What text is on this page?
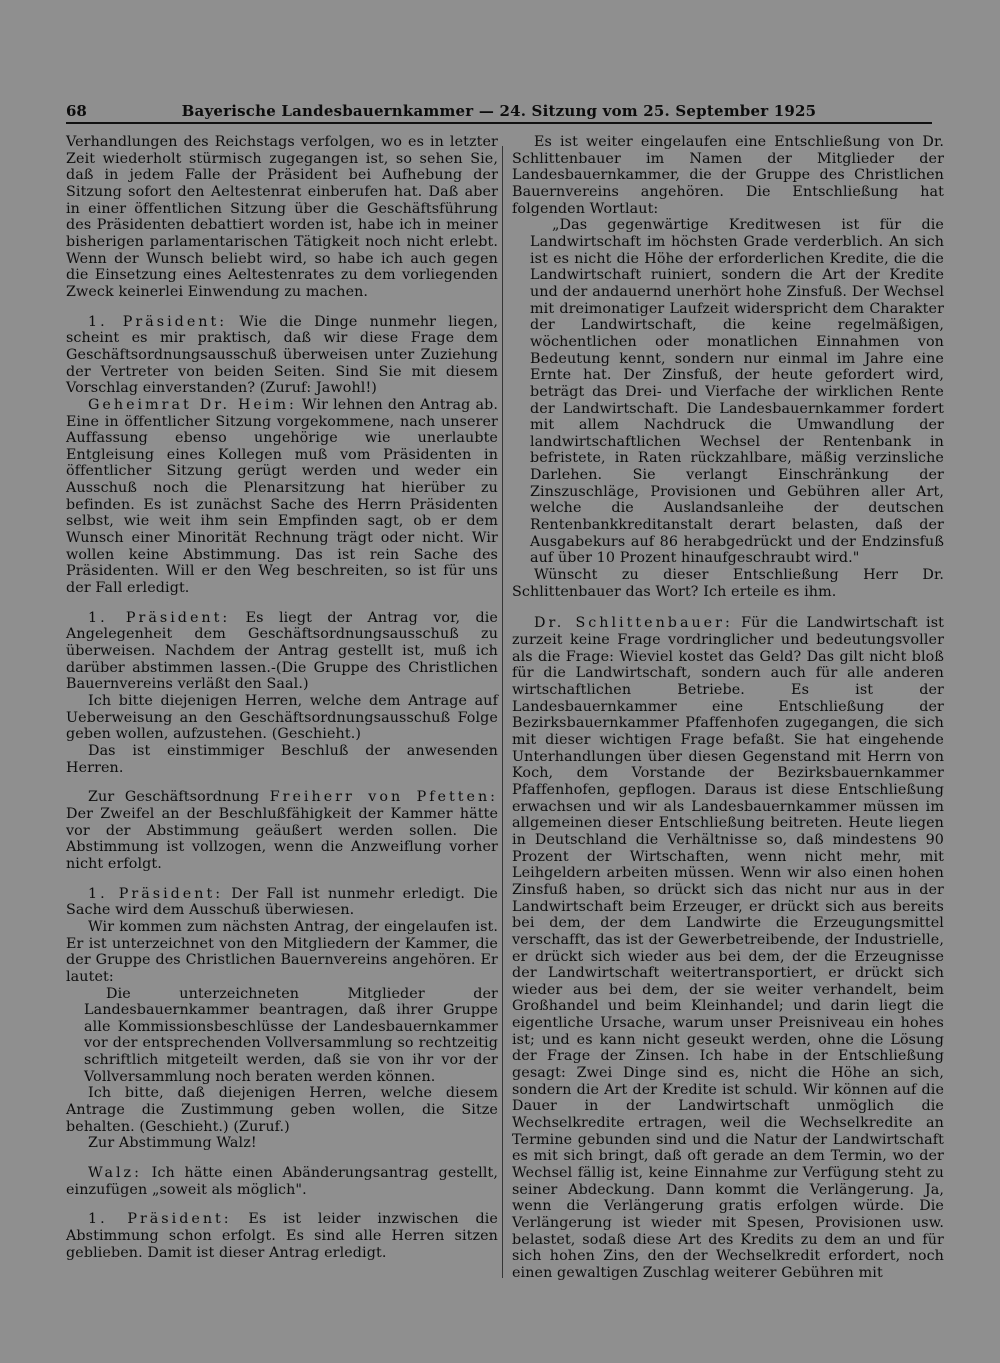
68	Bayerische Landesbauernkammer — 24. Sitzung vom 25. September 1925

Verhandlungen des Reichstags verfolgen, wo es in letzter Zeit wiederholt stürmisch zugegangen ist, so sehen Sie, daß in jedem Falle der Präsident bei Aufhebung der Sitzung sofort den Aeltestenrat einberufen hat. Daß aber in einer öffentlichen Sitzung über die Geschäftsführung des Präsidenten debattiert worden ist, habe ich in meiner bisherigen parlamentarischen Tätigkeit noch nicht erlebt. Wenn der Wunsch beliebt wird, so habe ich auch gegen die Einsetzung eines Aeltestenrates zu dem vorliegenden Zweck keinerlei Einwendung zu machen.

1. Präsident: Wie die Dinge nunmehr liegen, scheint es mir praktisch, daß wir diese Frage dem Geschäftsordnungsausschuß überweisen unter Zuziehung der Vertreter von beiden Seiten. Sind Sie mit diesem Vorschlag einverstanden? (Zuruf: Jawohl!)

Geheimrat Dr. Heim: Wir lehnen den Antrag ab. Eine in öffentlicher Sitzung vorgekommene, nach unserer Auffassung ebenso ungehörige wie unerlaubte Entgleisung eines Kollegen muß vom Präsidenten in öffentlicher Sitzung gerügt werden und weder ein Ausschuß noch die Plenarsitzung hat hierüber zu befinden. Es ist zunächst Sache des Herrn Präsidenten selbst, wie weit ihm sein Empfinden sagt, ob er dem Wunsch einer Minorität Rechnung trägt oder nicht. Wir wollen keine Abstimmung. Das ist rein Sache des Präsidenten. Will er den Weg beschreiten, so ist für uns der Fall erledigt.

1. Präsident: Es liegt der Antrag vor, die Angelegenheit dem Geschäftsordnungsausschuß zu überweisen. Nachdem der Antrag gestellt ist, muß ich darüber abstimmen lassen.-(Die Gruppe des Christlichen Bauernvereins verläßt den Saal.)

Ich bitte diejenigen Herren, welche dem Antrage auf Ueberweisung an den Geschäftsordnungsausschuß Folge geben wollen, aufzustehen. (Geschieht.)

Das ist einstimmiger Beschluß der anwesenden Herren.

Zur Geschäftsordnung Freiherr von Pfetten: Der Zweifel an der Beschlußfähigkeit der Kammer hätte vor der Abstimmung geäußert werden sollen. Die Abstimmung ist vollzogen, wenn die Anzweiflung vorher nicht erfolgt.

1. Präsident: Der Fall ist nunmehr erledigt. Die Sache wird dem Ausschuß überwiesen.

Wir kommen zum nächsten Antrag, der eingelaufen ist. Er ist unterzeichnet von den Mitgliedern der Kammer, die der Gruppe des Christlichen Bauernvereins angehören. Er lautet:

Die unterzeichneten Mitglieder der Landesbauernkammer beantragen, daß ihrer Gruppe alle Kommissionsbeschlüsse der Landesbauernkammer vor der entsprechenden Vollversammlung so rechtzeitig schriftlich mitgeteilt werden, daß sie von ihr vor der Vollversammlung noch beraten werden können.

Ich bitte, daß diejenigen Herren, welche diesem Antrage die Zustimmung geben wollen, die Sitze behalten. (Geschieht.) (Zuruf.)

Zur Abstimmung Walz!

Walz: Ich hätte einen Abänderungsantrag gestellt, einzufügen „soweit als möglich".

1. Präsident: Es ist leider inzwischen die Abstimmung schon erfolgt. Es sind alle Herren sitzen geblieben. Damit ist dieser Antrag erledigt.

Es ist weiter eingelaufen eine Entschließung von Dr. Schlittenbauer im Namen der Mitglieder der Landesbauernkammer, die der Gruppe des Christlichen Bauernvereins angehören. Die Entschließung hat folgenden Wortlaut:

„Das gegenwärtige Kreditwesen ist für die Landwirtschaft im höchsten Grade verderblich. An sich ist es nicht die Höhe der erforderlichen Kredite, die die Landwirtschaft ruiniert, sondern die Art der Kredite und der andauernd unerhört hohe Zinsfuß. Der Wechsel mit dreimonatiger Laufzeit widerspricht dem Charakter der Landwirtschaft, die keine regelmäßigen, wöchentlichen oder monatlichen Einnahmen von Bedeutung kennt, sondern nur einmal im Jahre eine Ernte hat. Der Zinsfuß, der heute gefordert wird, beträgt das Drei- und Vierfache der wirklichen Rente der Landwirtschaft. Die Landesbauernkammer fordert mit allem Nachdruck die Umwandlung der landwirtschaftlichen Wechsel der Rentenbank in befristete, in Raten rückzahlbare, mäßig verzinsliche Darlehen. Sie verlangt Einschränkung der Zinszuschläge, Provisionen und Gebühren aller Art, welche die Auslandsanleihe der deutschen Rentenbankkreditanstalt derart belasten, daß der Ausgabekurs auf 86 herabgedrückt und der Endzinsfuß auf über 10 Prozent hinaufgeschraubt wird."

Wünscht zu dieser Entschließung Herr Dr. Schlittenbauer das Wort? Ich erteile es ihm.

Dr. Schlittenbauer: Für die Landwirtschaft ist zurzeit keine Frage vordringlicher und bedeutungsvoller als die Frage: Wieviel kostet das Geld? Das gilt nicht bloß für die Landwirtschaft, sondern auch für alle anderen wirtschaftlichen Betriebe. Es ist der Landesbauernkammer eine Entschließung der Bezirksbauernkammer Pfaffenhofen zugegangen, die sich mit dieser wichtigen Frage befaßt. Sie hat eingehende Unterhandlungen über diesen Gegenstand mit Herrn von Koch, dem Vorstande der Bezirksbauernkammer Pfaffenhofen, gepflogen. Daraus ist diese Entschließung erwachsen und wir als Landesbauernkammer müssen im allgemeinen dieser Entschließung beitreten. Heute liegen in Deutschland die Verhältnisse so, daß mindestens 90 Prozent der Wirtschaften, wenn nicht mehr, mit Leihgeldern arbeiten müssen. Wenn wir also einen hohen Zinsfuß haben, so drückt sich das nicht nur aus in der Landwirtschaft beim Erzeuger, er drückt sich aus bereits bei dem, der dem Landwirte die Erzeugungsmittel verschafft, das ist der Gewerbetreibende, der Industrielle, er drückt sich wieder aus bei dem, der die Erzeugnisse der Landwirtschaft weitertransportiert, er drückt sich wieder aus bei dem, der sie weiter verhandelt, beim Großhandel und beim Kleinhandel; und darin liegt die eigentliche Ursache, warum unser Preisniveau ein hohes ist; und es kann nicht geseukt werden, ohne die Lösung der Frage der Zinsen. Ich habe in der Entschließung gesagt: Zwei Dinge sind es, nicht die Höhe an sich, sondern die Art der Kredite ist schuld. Wir können auf die Dauer in der Landwirtschaft unmöglich die Wechselkredite ertragen, weil die Wechselkredite an Termine gebunden sind und die Natur der Landwirtschaft es mit sich bringt, daß oft gerade an dem Termin, wo der Wechsel fällig ist, keine Einnahme zur Verfügung steht zu seiner Abdeckung. Dann kommt die Verlängerung. Ja, wenn die Verlängerung gratis erfolgen würde. Die Verlängerung ist wieder mit Spesen, Provisionen usw. belastet, sodaß diese Art des Kredits zu dem an und für sich hohen Zins, den der Wechselkredit erfordert, noch einen gewaltigen Zuschlag weiterer Gebühren mit
